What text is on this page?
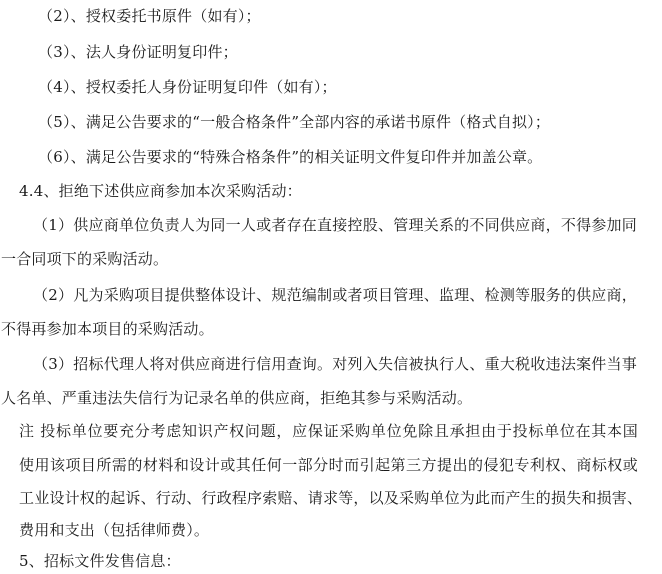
（2）、授权委托书原件（如有）；
（3）、法人身份证明复印件；
（4）、授权委托人身份证明复印件（如有）；
（5）、满足公告要求的“一般合格条件”全部内容的承诺书原件（格式自拟）；
（6）、满足公告要求的“特殊合格条件”的相关证明文件复印件并加盖公章。
4.4、拒绝下述供应商参加本次采购活动：
（1）供应商单位负责人为同一人或者存在直接控股、管理关系的不同供应商，不得参加同
一合同项下的采购活动。
（2）凡为采购项目提供整体设计、规范编制或者项目管理、监理、检测等服务的供应商，
不得再参加本项目的采购活动。
（3）招标代理人将对供应商进行信用查询。对列入失信被执行人、重大税收违法案件当事
人名单、严重违法失信行为记录名单的供应商，拒绝其参与采购活动。
注 投标单位要充分考虑知识产权问题，应保证采购单位免除且承担由于投标单位在其本国
使用该项目所需的材料和设计或其任何一部分时而引起第三方提出的侵犯专利权、商标权或
工业设计权的起诉、行动、行政程序索赔、请求等，以及采购单位为此而产生的损失和损害、
费用和支出（包括律师费）。
5、招标文件发售信息：
